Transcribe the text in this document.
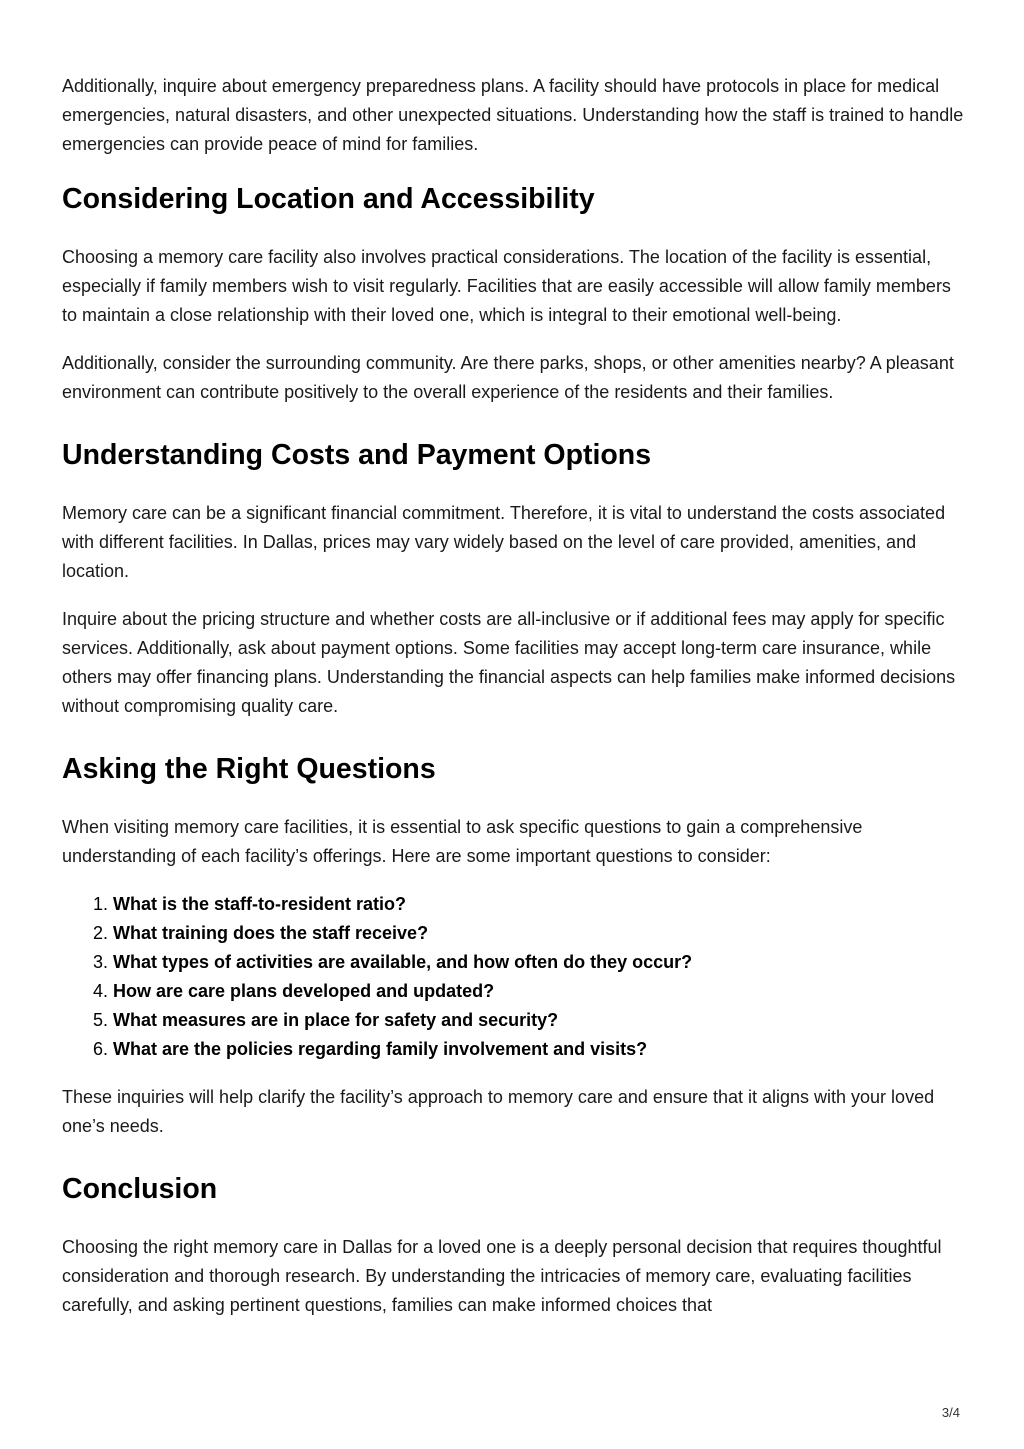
Additionally, inquire about emergency preparedness plans. A facility should have protocols in place for medical emergencies, natural disasters, and other unexpected situations. Understanding how the staff is trained to handle emergencies can provide peace of mind for families.

Considering Location and Accessibility

Choosing a memory care facility also involves practical considerations. The location of the facility is essential, especially if family members wish to visit regularly. Facilities that are easily accessible will allow family members to maintain a close relationship with their loved one, which is integral to their emotional well-being.

Additionally, consider the surrounding community. Are there parks, shops, or other amenities nearby? A pleasant environment can contribute positively to the overall experience of the residents and their families.

Understanding Costs and Payment Options

Memory care can be a significant financial commitment. Therefore, it is vital to understand the costs associated with different facilities. In Dallas, prices may vary widely based on the level of care provided, amenities, and location.

Inquire about the pricing structure and whether costs are all-inclusive or if additional fees may apply for specific services. Additionally, ask about payment options. Some facilities may accept long-term care insurance, while others may offer financing plans. Understanding the financial aspects can help families make informed decisions without compromising quality care.

Asking the Right Questions

When visiting memory care facilities, it is essential to ask specific questions to gain a comprehensive understanding of each facility’s offerings. Here are some important questions to consider:

1. What is the staff-to-resident ratio?
2. What training does the staff receive?
3. What types of activities are available, and how often do they occur?
4. How are care plans developed and updated?
5. What measures are in place for safety and security?
6. What are the policies regarding family involvement and visits?

These inquiries will help clarify the facility’s approach to memory care and ensure that it aligns with your loved one’s needs.

Conclusion

Choosing the right memory care in Dallas for a loved one is a deeply personal decision that requires thoughtful consideration and thorough research. By understanding the intricacies of memory care, evaluating facilities carefully, and asking pertinent questions, families can make informed choices that

3/4
